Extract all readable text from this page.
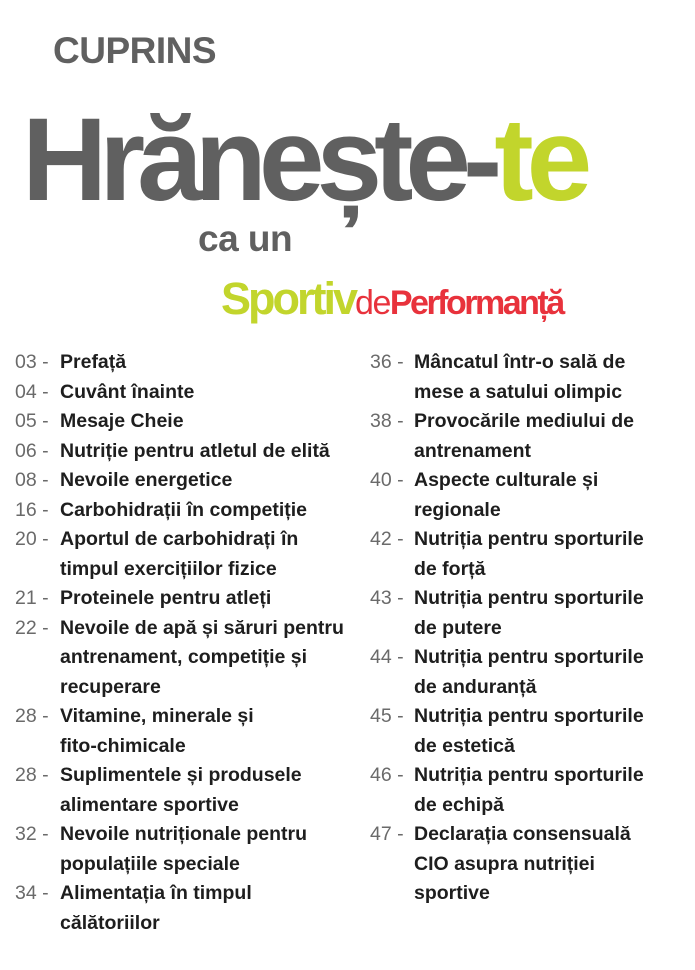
CUPRINS
Hrănește-te
ca un
SportivdePerformanță
03 - Prefață
04 - Cuvânt înainte
05 - Mesaje Cheie
06 - Nutriție pentru atletul de elită
08 - Nevoile energetice
16 - Carbohidrații în competiție
20 - Aportul de carbohidrați în
timpul exercițiilor fizice
21 - Proteinele pentru atleți
22 - Nevoile de apă și săruri pentru
antrenament, competiție și
recuperare
28 - Vitamine, minerale și
fito-chimicale
28 - Suplimentele și produsele
alimentare sportive
32 - Nevoile nutriționale pentru
populațiile speciale
34 - Alimentația în timpul
călătoriilor
36 - Mâncatul într-o sală de
mese a satului olimpic
38 - Provocările mediului de
antrenament
40 - Aspecte culturale și
regionale
42 - Nutriția pentru sporturile
de forță
43 - Nutriția pentru sporturile
de putere
44 - Nutriția pentru sporturile
de anduranță
45 - Nutriția pentru sporturile
de estetică
46 - Nutriția pentru sporturile
de echipă
47 - Declarația consensuală
CIO asupra nutriției
sportive
